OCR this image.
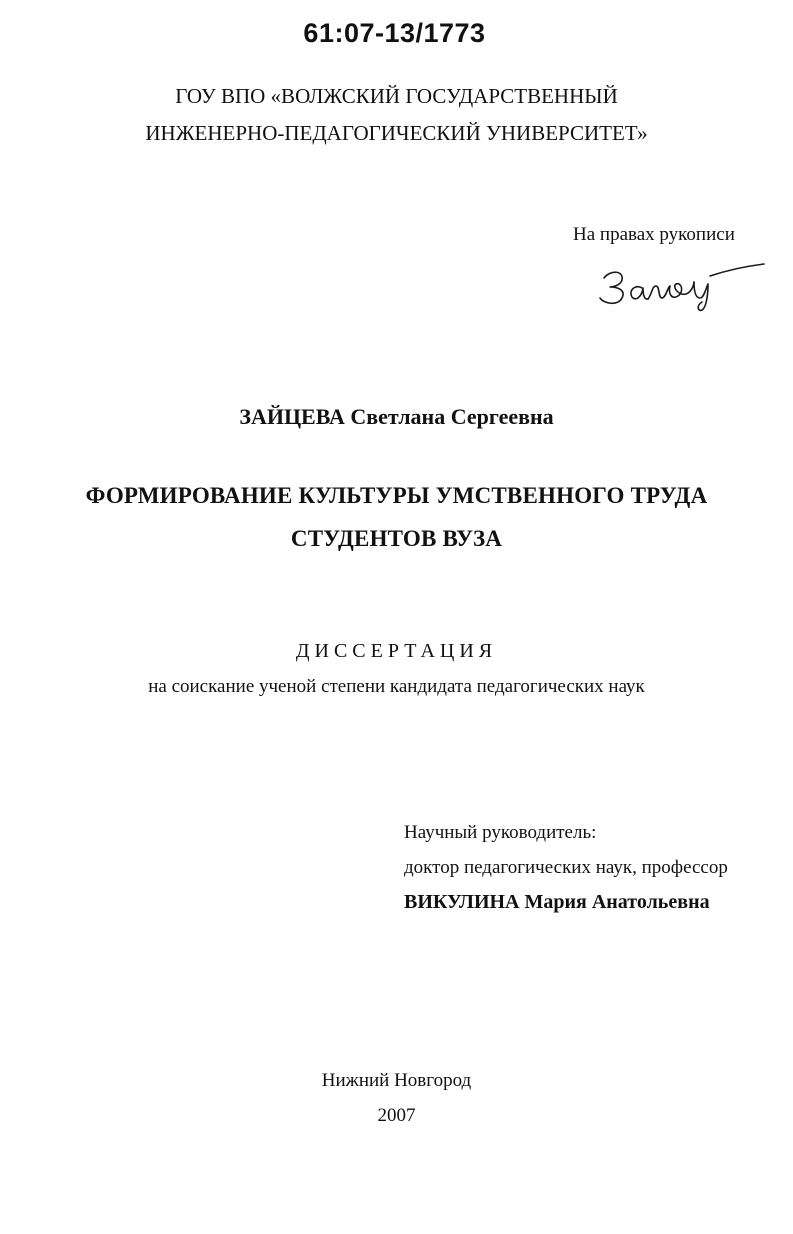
61:07-13/1773
ГОУ ВПО «ВОЛЖСКИЙ ГОСУДАРСТВЕННЫЙ
ИНЖЕНЕРНО-ПЕДАГОГИЧЕСКИЙ УНИВЕРСИТЕТ»
На правах рукописи
ЗАЙЦЕВА Светлана Сергеевна
ФОРМИРОВАНИЕ КУЛЬТУРЫ УМСТВЕННОГО ТРУДА
СТУДЕНТОВ ВУЗА
ДИССЕРТАЦИЯ
на соискание ученой степени кандидата педагогических наук
Научный руководитель:
доктор педагогических наук, профессор
ВИКУЛИНА Мария Анатольевна
Нижний Новгород
2007
